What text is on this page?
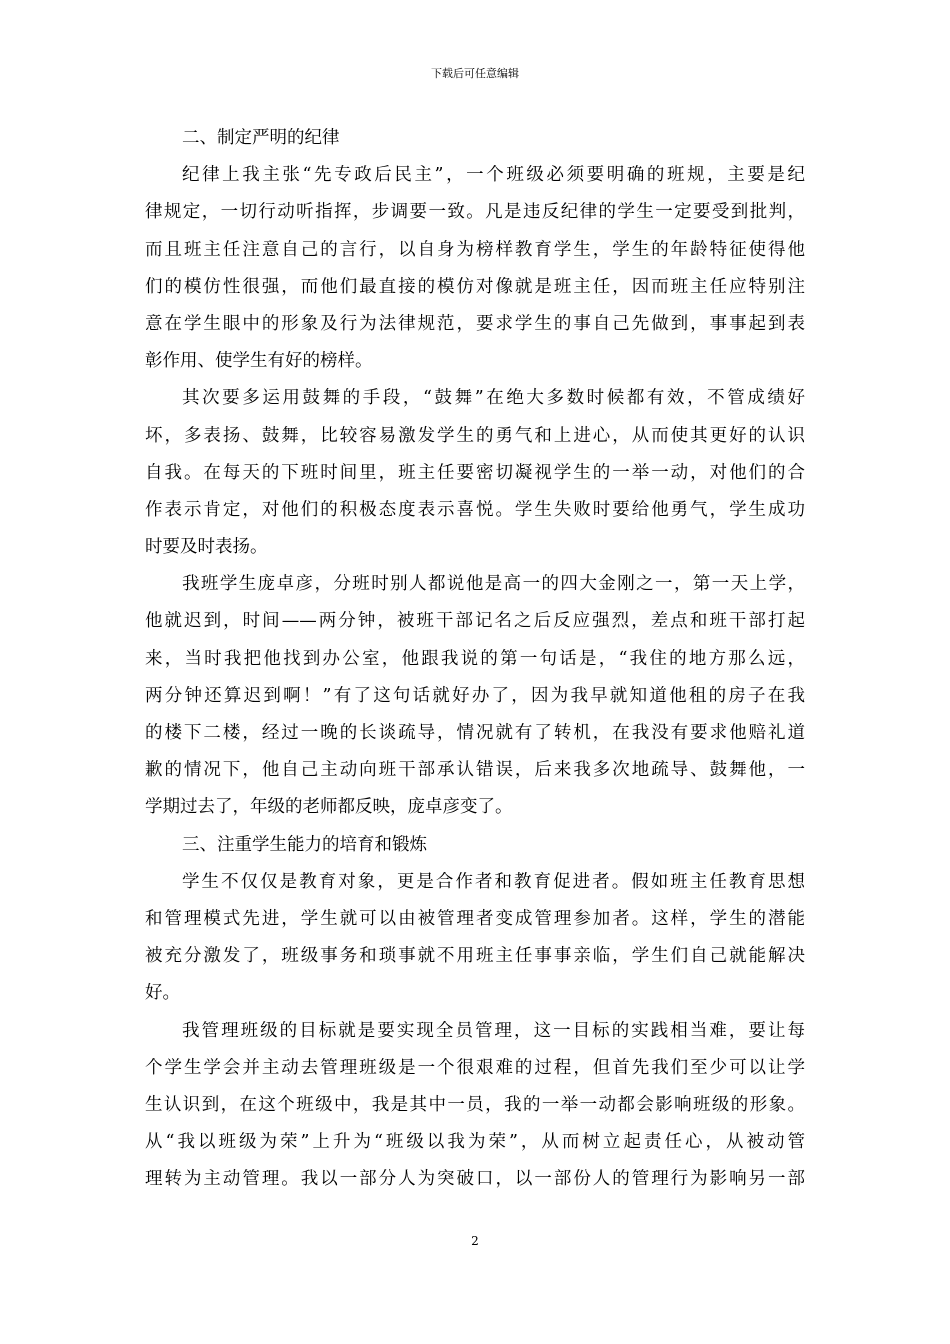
下载后可任意编辑
二、制定严明的纪律
纪律上我主张“先专政后民主”，一个班级必须要明确的班规，主要是纪
律规定，一切行动听指挥，步调要一致。凡是违反纪律的学生一定要受到批判，
而且班主任注意自己的言行，以自身为榜样教育学生，学生的年龄特征使得他
们的模仿性很强，而他们最直接的模仿对像就是班主任，因而班主任应特别注
意在学生眼中的形象及行为法律规范，要求学生的事自己先做到，事事起到表
彰作用、使学生有好的榜样。
其次要多运用鼓舞的手段，“鼓舞”在绝大多数时候都有效，不管成绩好
坏，多表扬、鼓舞，比较容易激发学生的勇气和上进心，从而使其更好的认识
自我。在每天的下班时间里，班主任要密切凝视学生的一举一动，对他们的合
作表示肯定，对他们的积极态度表示喜悦。学生失败时要给他勇气，学生成功
时要及时表扬。
我班学生庞卓彦，分班时别人都说他是高一的四大金刚之一，第一天上学，
他就迟到，时间——两分钟，被班干部记名之后反应强烈，差点和班干部打起
来，当时我把他找到办公室，他跟我说的第一句话是，“我住的地方那么远，
两分钟还算迟到啊！”有了这句话就好办了，因为我早就知道他租的房子在我
的楼下二楼，经过一晚的长谈疏导，情况就有了转机，在我没有要求他赔礼道
歉的情况下，他自己主动向班干部承认错误，后来我多次地疏导、鼓舞他，一
学期过去了，年级的老师都反映，庞卓彦变了。
三、注重学生能力的培育和锻炼
学生不仅仅是教育对象，更是合作者和教育促进者。假如班主任教育思想
和管理模式先进，学生就可以由被管理者变成管理参加者。这样，学生的潜能
被充分激发了，班级事务和琐事就不用班主任事事亲临，学生们自己就能解决
好。
我管理班级的目标就是要实现全员管理，这一目标的实践相当难，要让每
个学生学会并主动去管理班级是一个很艰难的过程，但首先我们至少可以让学
生认识到，在这个班级中，我是其中一员，我的一举一动都会影响班级的形象。
从“我以班级为荣”上升为“班级以我为荣”，从而树立起责任心，从被动管
理转为主动管理。我以一部分人为突破口，以一部份人的管理行为影响另一部
2
